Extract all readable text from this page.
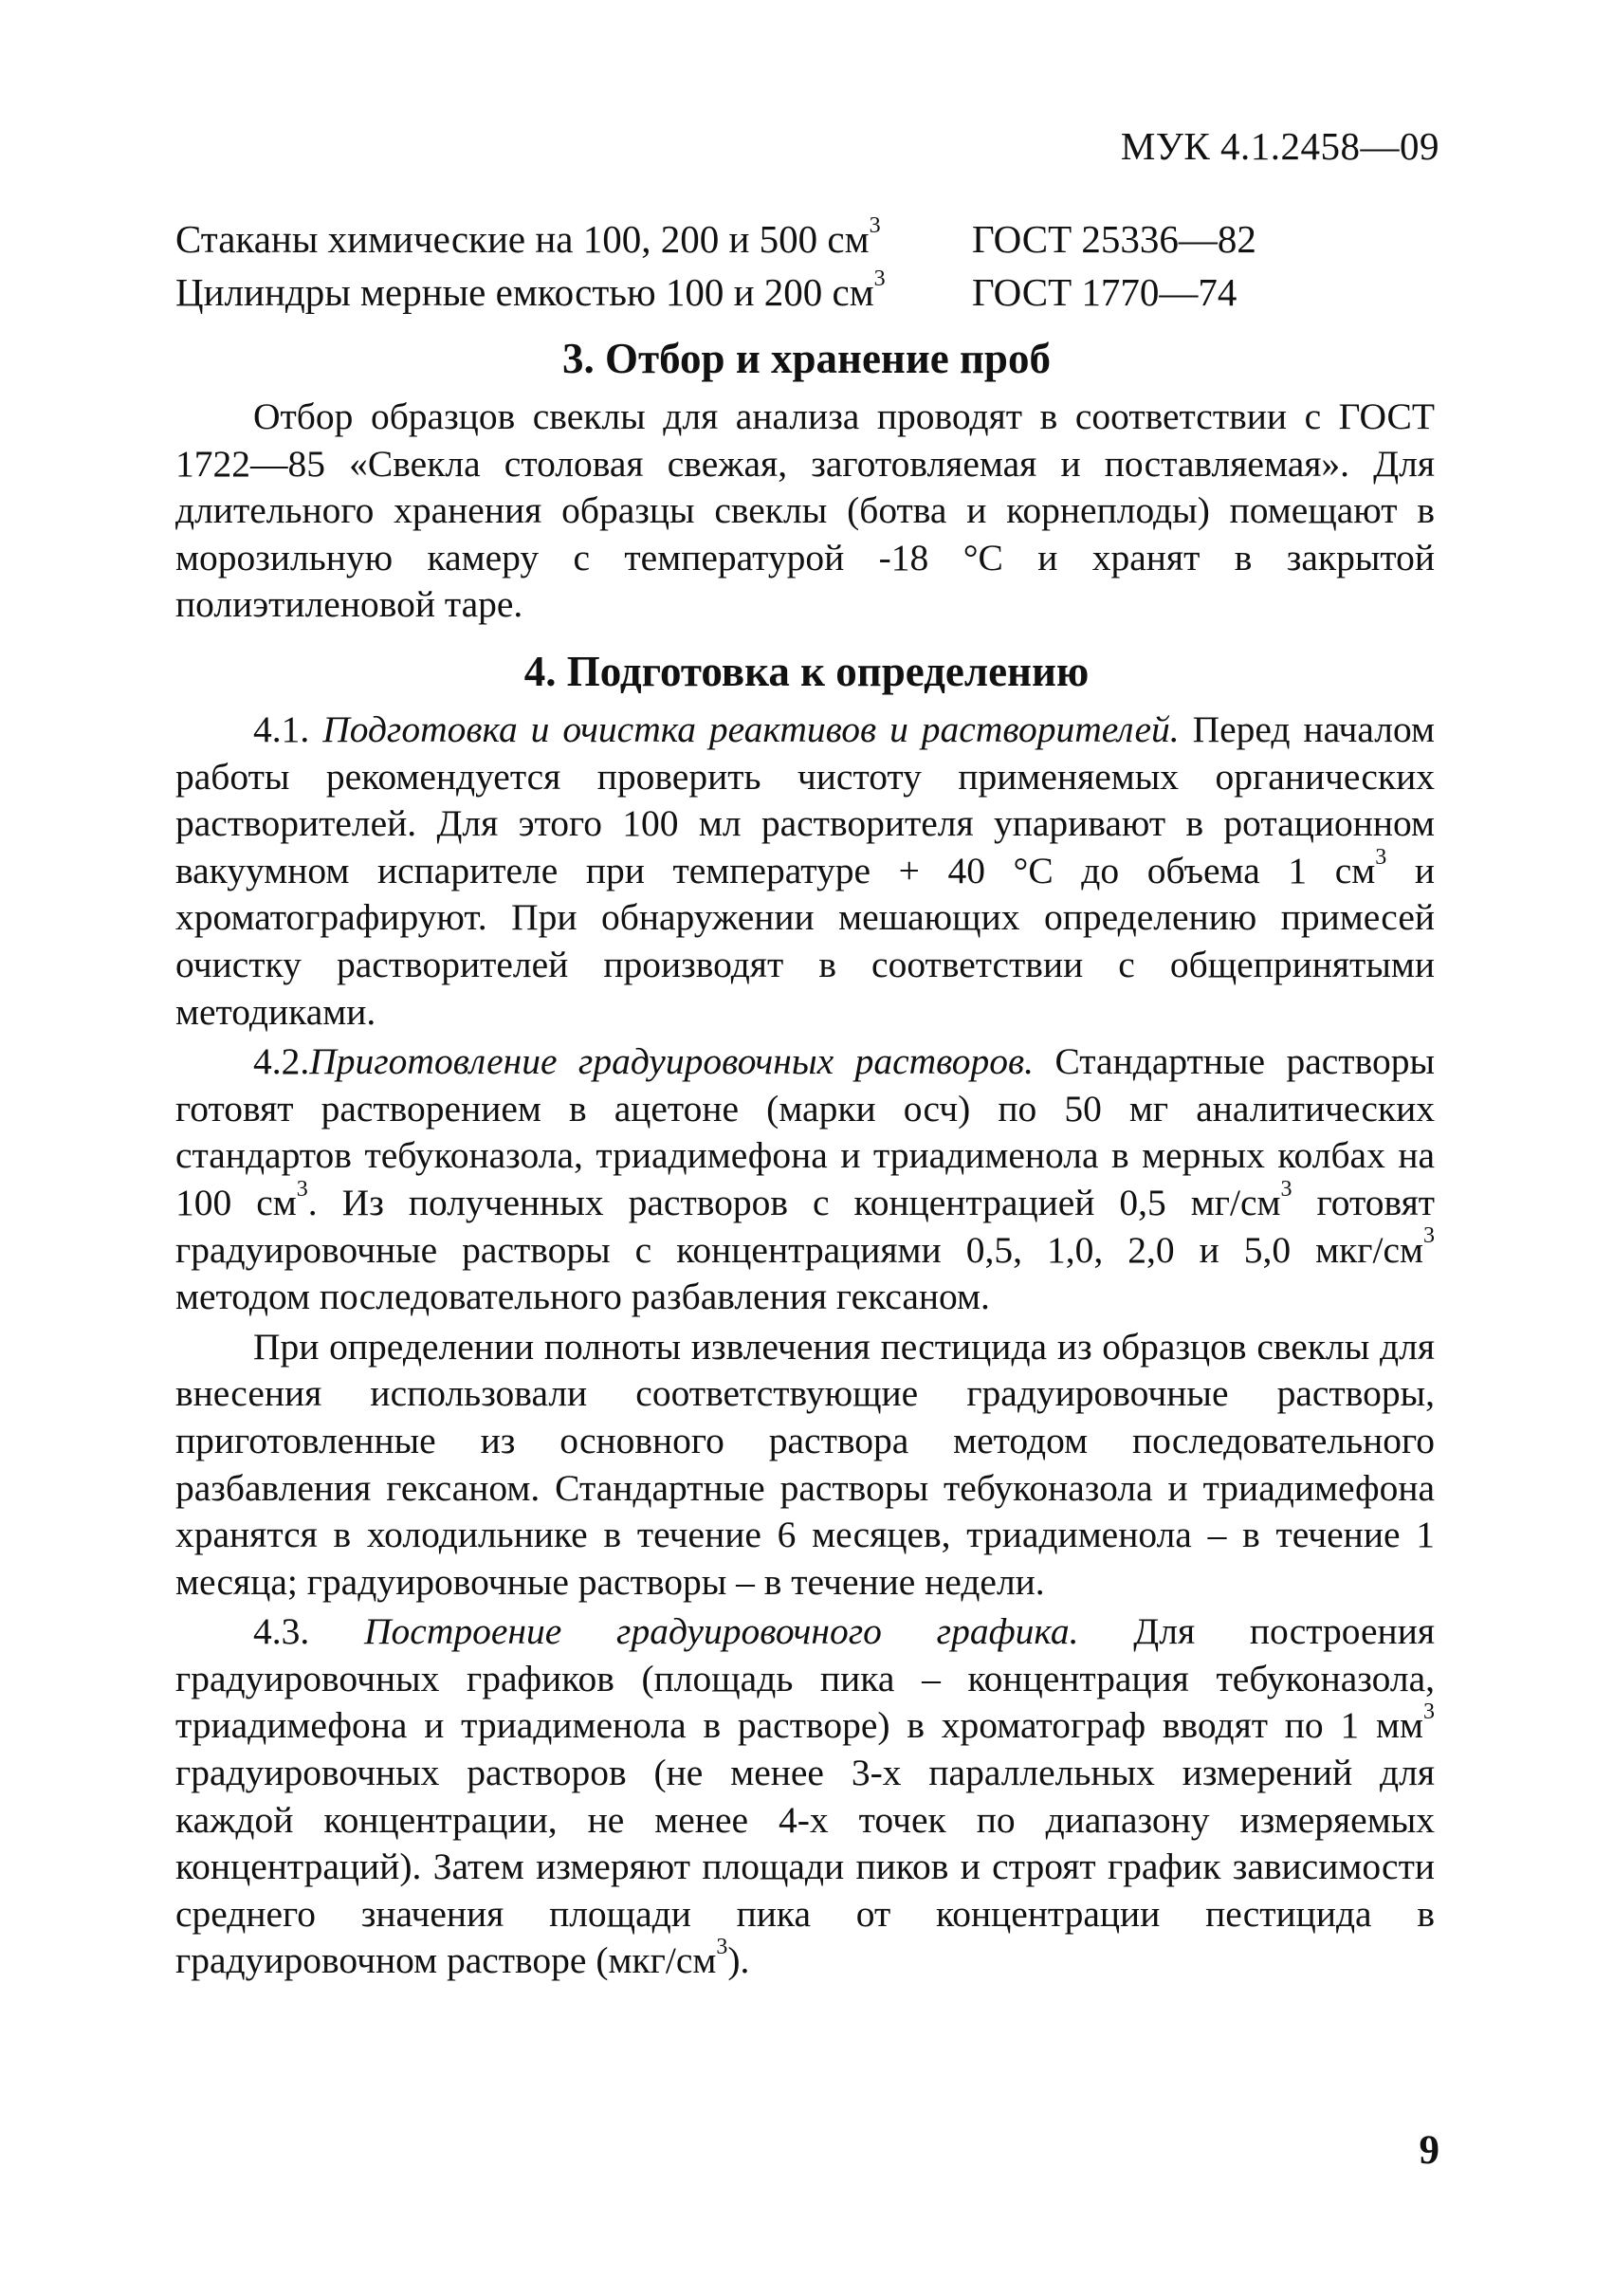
МУК 4.1.2458—09
Стаканы химические на 100, 200 и 500 $см^3$	ГОСТ 25336—82
Цилиндры мерные емкостью 100 и 200 $см^3$	ГОСТ 1770—74
3. Отбор и хранение проб

Отбор образцов свеклы для анализа проводят в соответствии с ГОСТ 1722—85 «Свекла столовая свежая, заготовляемая и поставляемая». Для длительного хранения образцы свеклы (ботва и корнеплоды) помещают в морозильную камеру с температурой -18 °С и хранят в закрытой полиэтиленовой таре.

4. Подготовка к определению

4.1. Подготовка и очистка реактивов и растворителей. Перед началом работы рекомендуется проверить чистоту применяемых органических растворителей. Для этого 100 мл растворителя упаривают в ротационном вакуумном испарителе при температуре + 40 °С до объема 1 $см^3$ и хроматографируют. При обнаружении мешающих определению примесей очистку растворителей производят в соответствии с общепринятыми методиками.

4.2.Приготовление градуировочных растворов. Стандартные растворы готовят растворением в ацетоне (марки осч) по 50 мг аналитических стандартов тебуконазола, триадимефона и триадименола в мерных колбах на 100 $см^3$. Из полученных растворов с концентрацией 0,5 $мг/см^3$ готовят градуировочные растворы с концентрациями 0,5, 1,0, 2,0 и 5,0 мкг/$см^3$ методом последовательного разбавления гексаном.

При определении полноты извлечения пестицида из образцов свеклы для внесения использовали соответствующие градуировочные растворы, приготовленные из основного раствора методом последовательного разбавления гексаном. Стандартные растворы тебуконазола и триадимефона хранятся в холодильнике в течение 6 месяцев, триадименола – в течение 1 месяца; градуировочные растворы – в течение недели.

4.3. Построение градуировочного графика. Для построения градуировочных графиков (площадь пика – концентрация тебуконазола, триадимефона и триадименола в растворе) в хроматограф вводят по 1 $мм^3$ градуировочных растворов (не менее 3-х параллельных измерений для каждой концентрации, не менее 4-х точек по диапазону измеряемых концентраций). Затем измеряют площади пиков и строят график зависимости среднего значения площади пика от концентрации пестицида в градуировочном растворе $(мкг/см^3)$.

9
